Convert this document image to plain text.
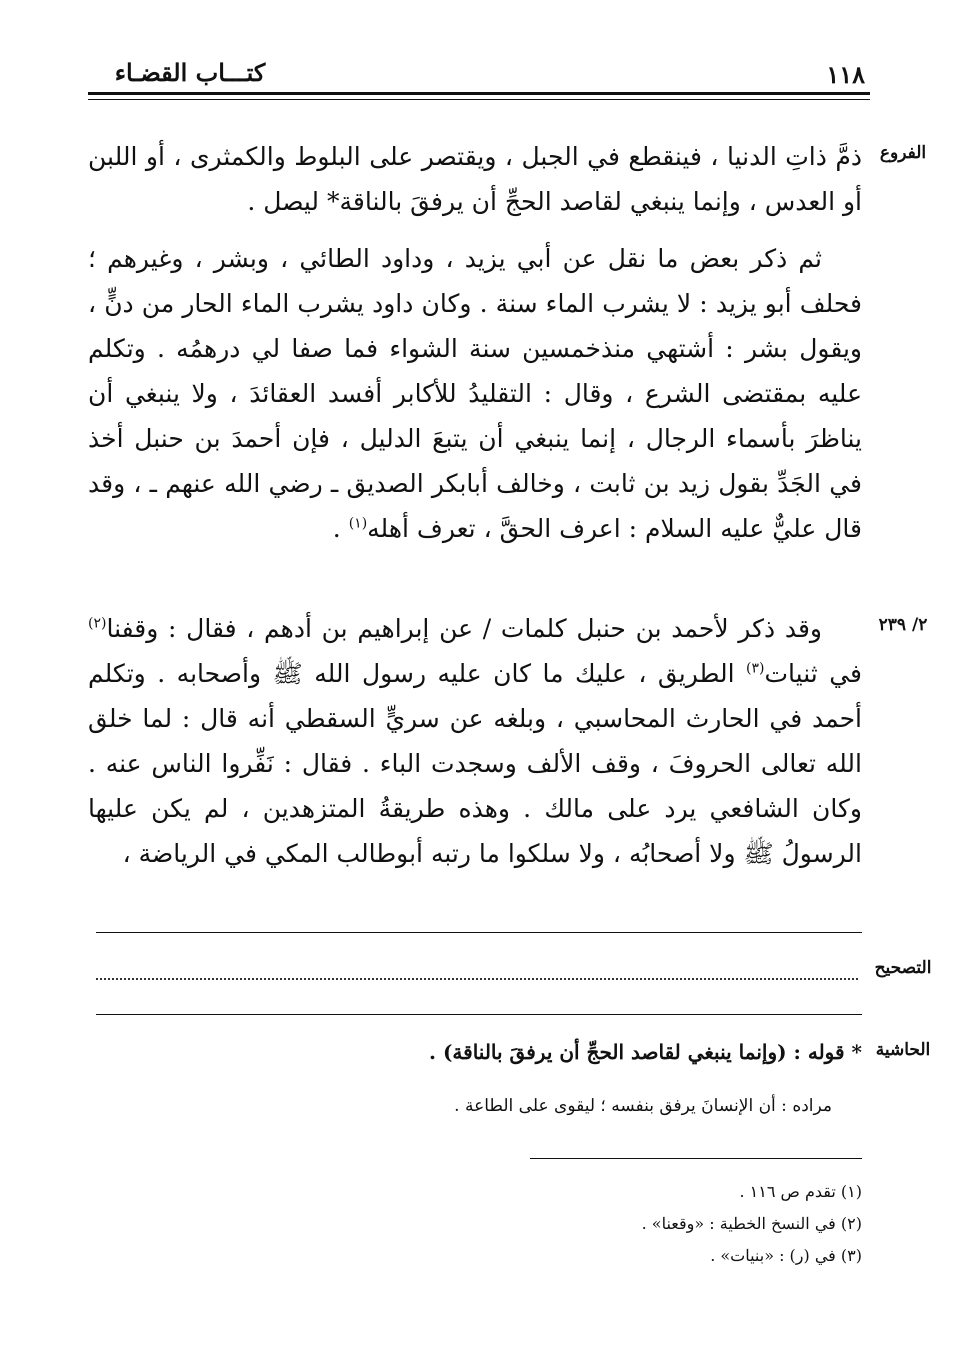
كتـــاب القضـاء	١١٨
الفروع
٢/ ٢٣٩

ذمَّ ذاتِ الدنيا ، فينقطع في الجبل ، ويقتصر على البلوط والكمثرى ، أو اللبن أو العدس ، وإنما ينبغي لقاصد الحجِّ أن يرفقَ بالناقة* ليصل .

ثم ذكر بعض ما نقل عن أبي يزيد ، وداود الطائي ، وبشر ، وغيرهم ؛ فحلف أبو يزيد : لا يشرب الماء سنة . وكان داود يشرب الماء الحار من دنٍّ ، ويقول بشر : أشتهي منذخمسين سنة الشواء فما صفا لي درهمُه . وتكلم عليه بمقتضى الشرع ، وقال : التقليدُ للأكابر أفسد العقائدَ ، ولا ينبغي أن يناظرَ بأسماء الرجال ، إنما ينبغي أن يتبعَ الدليل ، فإن أحمدَ بن حنبل أخذ في الجَدِّ بقول زيد بن ثابت ، وخالف أبابكر الصديق ـ رضي الله عنهم ـ ، وقد قال عليٌّ عليه السلام : اعرف الحقَّ ، تعرف أهله$^{(١)}$ .

وقد ذكر لأحمد بن حنبل كلمات / عن إبراهيم بن أدهم ، فقال : وقفنا$^{(٢)}$ في ثنيات$^{(٣)}$ الطريق ، عليك ما كان عليه رسول الله ﷺ وأصحابه . وتكلم أحمد في الحارث المحاسبي ، وبلغه عن سريٍّ السقطي أنه قال : لما خلق الله تعالى الحروفَ ، وقف الألف وسجدت الباء . فقال : نَفِّروا الناس عنه . وكان الشافعي يرد على مالك . وهذه طريقةُ المتزهدين ، لم يكن عليها الرسولُ ﷺ ولا أصحابُه ، ولا سلكوا ما رتبه أبوطالب المكي في الرياضة ،

التصحيح
الحاشية
* قوله : (وإنما ينبغي لقاصد الحجِّ أن يرفقَ بالناقة) .
مراده : أن الإنسانَ يرفق بنفسه ؛ ليقوى على الطاعة .
(١) تقدم ص ١١٦ .
(٢) في النسخ الخطية : «وقعنا» .
(٣) في (ر) : «بنيات» .
